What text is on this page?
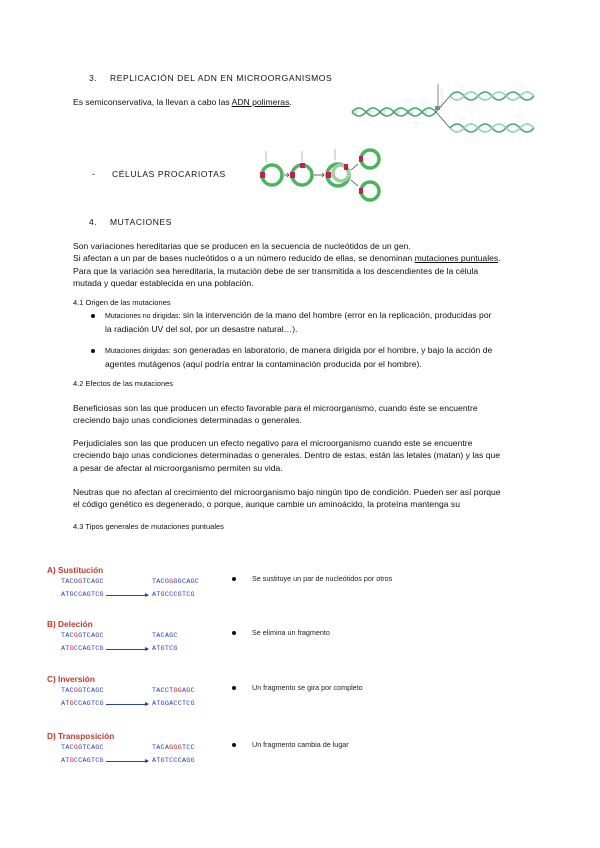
3. REPLICACIÓN DEL ADN EN MICROORGANISMOS
Es semiconservativa, la llevan a cabo las ADN polimeras.
- CÉLULAS PROCARIOTAS
4. MUTACIONES
Son variaciones hereditarias que se producen en la secuencia de nucleótidos de un gen.
Si afectan a un par de bases nucleótidos o a un número reducido de ellas, se denominan mutaciones puntuales.
Para que la variación sea hereditaria, la mutación debe de ser transmitida a los descendientes de la célula
mutada y quedar establecida en una población.
4.1 Origen de las mutaciones
Mutaciones no dirigidas: sin la intervención de la mano del hombre (error en la replicación, producidas por
la radiación UV del sol, por un desastre natural…).
Mutaciones dirigidas: son generadas en laboratorio, de manera dirigida por el hombre, y bajo la acción de
agentes mutágenos (aquí podría entrar la contaminación producida por el hombre).
4.2 Efectos de las mutaciones
Beneficiosas son las que producen un efecto favorable para el microorganismo, cuando éste se encuentre
creciendo bajo unas condiciones determinadas o generales.
Perjudiciales son las que producen un efecto negativo para el microorganismo cuando este se encuentre
creciendo bajo unas condiciones determinadas o generales. Dentro de estas, están las letales (matan) y las que
a pesar de afectar al microorganismo permiten su vida.
Neutras que no afectan al crecimiento del microorganismo bajo ningún tipo de condición. Pueden ser así porque
el código genético es degenerado, o porque, aunque cambie un aminoácido, la proteína mantenga su
4.3 Tipos generales de mutaciones puntuales
A) Sustitución
TACGGTCAGC
ATGCCAGTCG
TACGGGGCAGC
ATGCCCGTCG
Se sustituye un par de nucleótidos por otros
B) Deleción
TACGGTCAGC
ATGCCAGTCG
TACAGC
ATGTCG
Se elimina un fragmento
C) Inversión
TACGGTCAGC
ATGCCAGTCG
TACCTGGAGC
ATGGACCTCG
Un fragmento se gira por completo
D) Transposición
TACGGTCAGC
ATGCCAGTCG
TACAGGGTCC
ATGTCCCAGG
Un fragmento cambia de lugar
